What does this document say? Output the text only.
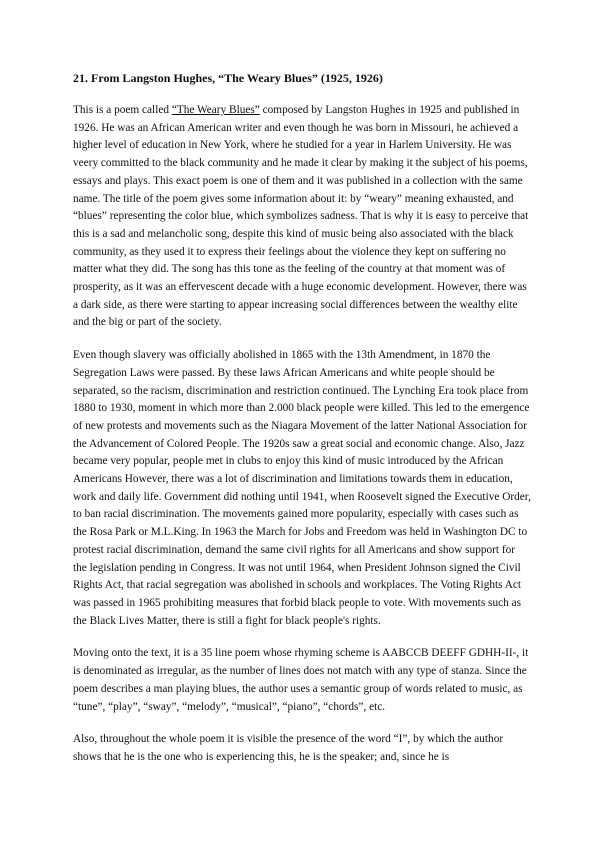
21. From Langston Hughes, “The Weary Blues” (1925, 1926)

This is a poem called “The Weary Blues” composed by Langston Hughes in 1925 and published in 1926. He was an African American writer and even though he was born in Missouri, he achieved a higher level of education in New York, where he studied for a year in Harlem University. He was veery committed to the black community and he made it clear by making it the subject of his poems, essays and plays. This exact poem is one of them and it was published in a collection with the same name. The title of the poem gives some information about it: by “weary” meaning exhausted, and “blues” representing the color blue, which symbolizes sadness. That is why it is easy to perceive that this is a sad and melancholic song, despite this kind of music being also associated with the black community, as they used it to express their feelings about the violence they kept on suffering no matter what they did. The song has this tone as the feeling of the country at that moment was of prosperity, as it was an effervescent decade with a huge economic development. However, there was a dark side, as there were starting to appear increasing social differences between the wealthy elite and the big or part of the society.

Even though slavery was officially abolished in 1865 with the 13th Amendment, in 1870 the Segregation Laws were passed. By these laws African Americans and white people should be separated, so the racism, discrimination and restriction continued. The Lynching Era took place from 1880 to 1930, moment in which more than 2.000 black people were killed. This led to the emergence of new protests and movements such as the Niagara Movement of the latter National Association for the Advancement of Colored People. The 1920s saw a great social and economic change. Also, Jazz became very popular, people met in clubs to enjoy this kind of music introduced by the African Americans However, there was a lot of discrimination and limitations towards them in education, work and daily life. Government did nothing until 1941, when Roosevelt signed the Executive Order, to ban racial discrimination. The movements gained more popularity, especially with cases such as the Rosa Park or M.L.King. In 1963 the March for Jobs and Freedom was held in Washington DC to protest racial discrimination, demand the same civil rights for all Americans and show support for the legislation pending in Congress. It was not until 1964, when President Johnson signed the Civil Rights Act, that racial segregation was abolished in schools and workplaces. The Voting Rights Act was passed in 1965 prohibiting measures that forbid black people to vote. With movements such as the Black Lives Matter, there is still a fight for black people's rights.

Moving onto the text, it is a 35 line poem whose rhyming scheme is AABCCB DEEFF GDHH-II-, it is denominated as irregular, as the number of lines does not match with any type of stanza. Since the poem describes a man playing blues, the author uses a semantic group of words related to music, as “tune”, “play”, “sway”, “melody”, “musical”, “piano”, “chords”, etc.

Also, throughout the whole poem it is visible the presence of the word “I”, by which the author shows that he is the one who is experiencing this, he is the speaker; and, since he is
